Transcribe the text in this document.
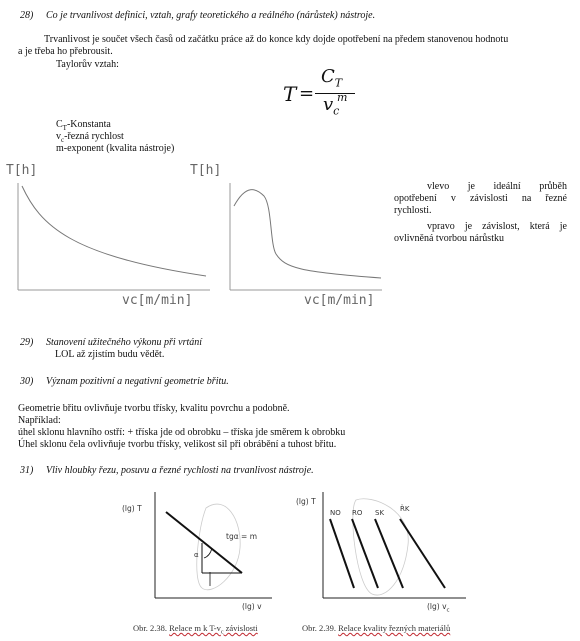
28) Co je trvanlivost definici, vztah, grafy teoretického a reálného (nárůstek) nástroje.
Trvanlivost je součet všech časů od začátku práce až do konce kdy dojde opotřebení na předem stanovenou hodnotu
a je třeba ho přebrousit.
Taylorův vztah:
T =
$C_T$
$v_c$
m
$C_T$-Konstanta
$v_c$-řezná rychlost
m-exponent (kvalita nástroje)
T[h]
vc[m/min]
T[h]
vc[m/min]
vlevo je ideální průběh
opotřebení v závislosti na řezné
rychlosti.
vpravo je závislost, která je
ovlivněná tvorbou nárůstku
29) Stanovení užitečného výkonu při vrtání
LOL až zjistím budu vědět.
30) Význam pozitivní a negativní geometrie břitu.
Geometrie břitu ovlivňuje tvorbu třísky, kvalitu povrchu a podobně.
Například:
úhel sklonu hlavního ostří: + tříska jde od obrobku – tříska jde směrem k obrobku
Úhel sklonu čela ovlivňuje tvorbu třísky, velikost sil při obrábění a tuhost břitu.
31) Vliv hloubky řezu, posuvu a řezné rychlosti na trvanlivost nástroje.
(lg) T
tgα = m
α
(lg) v
Obr. 2.38. Relace m k $T-v_c$ závislosti
(lg) T
NO RO SK ŘK
(lg) $v_c$
Obr. 2.39. Relace kvality řezných materiálů
